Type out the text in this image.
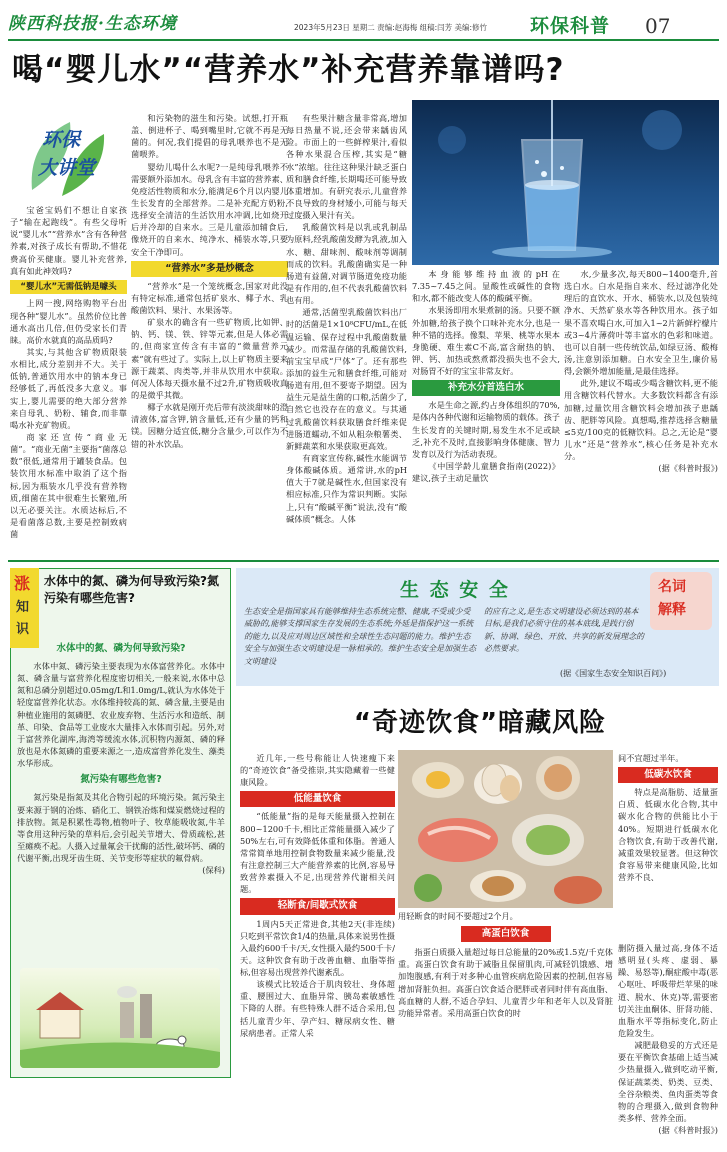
陕西科技报·生态环境	2023年5月23日 星期二 责编:赵海梅 组稿:闫芳 美编:修竹 环保科普 07
喝“婴儿水”“营养水”补充营养靠谱吗?
环保
大讲堂

宝爸宝妈们不想让自家孩子“输在起跑线”。有些父母听说“婴儿水”“营养水”含有各种营养素,对孩子成长有帮助,不惜花费高价买健康。婴儿补充营养,真有如此神效吗?

“婴儿水”无需低钠是噱头

上网一搜,网络购物平台出现各种“婴儿水”。虽然价位比普通水高出几倍,但仍受家长们青睐。高价水就真的高品质吗?

其实,与其他含矿物质限装水相比,成分差别并不大。关于低钠,普通饮用水中的钠本身已经够低了,再低没多大意义。事实上,婴儿需要的绝大部分营养来自母乳、奶粉、辅食,而非靠喝水补充矿物质。

商家还宣传“商业无菌”。“商业无菌”主要指“菌落总数”很低,通常用于罐装食品。包装饮用水标准中取消了这个指标,因为瓶装水几乎没有营养物质,细菌在其中很难生长繁殖,所以无必要关注。水质达标后,不是看菌落总数,主要是控制致病菌

和污染物的滋生和污染。试想,打开瓶盖、倒进杯子、喝到嘴里时,它就不再是无菌的。何况,我们提倡的母乳喂养也不是无菌喂养。

婴幼儿喝什么水呢?一是纯母乳喂养不需要额外添加水。母乳含有丰富的营养素、免疫活性物质和水分,能满足6个月以内婴儿生长发育的全部营养。二是补充配方奶粉,选择安全清洁的生活饮用水冲调,比如烧开后并冷却的自来水。三是儿童添加辅食后,像烧开的自来水、纯净水、桶装水等,只要安全干净即可。

“营养水”多是炒概念

“营养水”是一个笼统概念,国家对此没有特定标准,通常包括矿泉水、椰子水、乳酸菌饮料、果汁、水果汤等。

矿泉水的确含有一些矿物质,比如钾、钠、钙、镁、铁、锌等元素,但是人体必需的,但商家宣传含有丰富的“微量营养元素”就有些过了。实际上,以上矿物质主要来源于蔬菜、肉类等,并非从饮用水中获取。何况人体每天摄水量不过2升,矿物质吸收真的是微乎其微。

椰子水就是刚开壳后带有淡淡甜味的澄清液体,富含钾,钠含量低,还有少量的钙和镁。因糖分适宜低,糖分含量少,可以作为不错的补水饮品。

有些果汁糖含量非常高,增加每日热量不说,还会带来龋齿风险。市面上的一些鲜榨果汁,看似各种水果混合压榨,其实是“糖水”浓缩。往往这种果汁缺乏蛋白质和膳食纤维,长期喝还可能导致体重增加。有研究表示,儿童营养不良导致的身材矮小,可能与每天过度摄入果汁有关。

乳酸菌饮料是以乳或乳制品为原料,经乳酸菌发酵为乳液,加入水、糖、甜味剂、酸味剂等调制而成的饮料。乳酸菌确实是一种肠道有益菌,对调节肠道免疫功能是有作用的,但不代表乳酸菌饮料也有用。

通常,活菌型乳酸菌饮料出厂时的活菌是1×10⁸CFU/mL,在低温运输、保存过程中乳酸菌数量减少。而常温存储的乳酸菌饮料,前宝宝早成“尸体”了。还有那些添加的益生元和膳食纤维,可能对肠道有用,但不要寄予期望。因为益生元是益生菌的口粮,活菌少了,自然它也没存在的意义。与其通过乳酸菌饮料获取膳食纤维来促进肠道蠕动,不如从粗杂粮薯类、新鲜蔬菜和水果获取更高效。

有商家宣传称,碱性水能调节身体酸碱体质。通常讲,水的pH值大于7就是碱性水,但国家没有相应标准,只作为常识判断。实际上,只有“酸碱平衡”说法,没有“酸碱体质”概念。人体

本身能够维持血液的pH在7.35~7.45之间。显酸性或碱性的食物和水,都不能改变人体的酸碱平衡。

水果汤即用水果煮制的汤。只要不额外加糖,给孩子换个口味补充水分,也是一种不错的选择。像梨、苹果、桃等水果本身脆硬、难生素C不高,富含耐热的钠、钾、钙、加热或熬煮都没损失也不会大,对肠胃不好的宝宝非常友好。

补充水分首选白水

水是生命之源,约占身体组织的70%,是体内各种代谢和运输物质的载体。孩子生长发育的关键时期,易发生水不足或缺乏,补充不及时,直接影响身体健康、智力发育以及行为活动表现。

《中国学龄儿童膳食指南(2022)》建议,孩子主动足量饮

水,少量多次,每天800~1400毫升,首选白水。白水是指自来水、经过滤净化处理后的直饮水、开水、桶装水,以及包装纯净水、天然矿泉水等各种饮用水。孩子如果不喜欢喝白水,可加入1~2片新鲜柠檬片或3~4片薄荷叶等丰富水的色彩和味道。也可以自制一些传统饮品,如绿豆汤、酸梅汤,注意别添加糖。白水安全卫生,廉价易得,会额外增加能量,是最佳选择。

此外,建议不喝或少喝含糖饮料,更不能用含糖饮料代替水。大多数饮料都含有添加糖,过量饮用含糖饮料会增加孩子患龋齿、肥胖等风险。真想喝,推荐选择含糖量≤5克/100克的低糖饮料。总之,无论是“婴儿水”还是“营养水”,核心任务是补充水分。

(据《科普时报》)

涨
知
识
水体中的氮、磷为何导致污染?氮污染有哪些危害?
水体中的氮、磷为何导致污染?

水体中氮、磷污染主要表现为水体富营养化。水体中氮、磷含量与富营养化程度密切相关,一般来说,水体中总氮和总磷分别超过0.05mg/L和1.0mg/L,就认为水体处于轻度富营养化状态。水体维持较高的氮、磷含量,主要是由种植业施用的氮磷肥、农业废弃物、生活污水和造纸、制革、印染、食品等工业废水大量排入水体而引起。另外,对于富营养化湖库,海湾等缓流水体,沉积物内源氮、磷的释放也是水体氮磷的重要来源之一,造成富营养化发生、藻类水华形成。

氮污染有哪些危害?

氮污染是指氮及其化合物引起的环境污染。氮污染主要来源于钢的冶炼、硝化工、钢铁冶炼和煤炭燃烧过程的排放物。氮是积累性毒物,植物叶子、牧草能吸收氮,牛羊等食用这种污染的草料后,会引起关节增大、骨质疏松,甚至瘫痪不起。人摄入过量氟会干扰酶的活性,破坏钙、磷的代谢平衡,出现牙齿生斑、关节变形等症状的氟骨病。

(保科)

生 态 安 全	名词
解释
生态安全是指国家具有能够维持生态系统完整、健康,不受或少受威胁的,能够支撑国家生存发展的生态系统;外延是指保护这一系统的能力,以及应对周边区域性和全球性生态问题的能力。维护生态安全与加强生态文明建设是一脉相承的。维护生态安全是加强生态文明建设
的应有之义,是生态文明建设必须达到的基本目标,是我们必须守住的基本底线,是践行创新、协调、绿色、开放、共享的新发展理念的必然要求。
(据《国家生态安全知识百问》)
“奇迹饮食”暗藏风险

近几年,一些号称能让人快速瘦下来的“奇迹饮食”备受推崇,其实隐藏着一些健康风险。

低能量饮食

“低能量”指的是每天能量摄入控制在800~1200千卡,相比正常能量摄入减少了50%左右,可有效降低体重和体脂。普通人常常简单地用控制食物数量来减少能量,没有注意控制三大产能营养素的比例,容易导致营养素摄入不足,出现营养代谢相关问题。

轻断食/间歇式饮食

1周内5天正常进食,其他2天(非连续)只吃到平常饮食1/4的热量,具体来说男性摄入最约600千卡/天,女性摄入最约500千卡/天。这种饮食有助于改善血糖、血脂等指标,但容易出现营养代谢紊乱。

该模式比较适合于肌肉较壮、身体超重、腰围过大、血脂异常、胰岛素敏感性下降的人群。有些特殊人群不适合采用,包括儿童青少年、孕产妇、糖尿病女性、糖尿病患者。正常人采

用轻断食的时间不要超过2个月。

高蛋白饮食

指蛋白质摄入量超过每日总能量的20%或1.5克/千克体重。高蛋白饮食有助于减脂且保留肌肉,可减轻饥饿感、增加饱腹感,有利于对多种心血管疾病危险因素的控制,但容易增加肾脏负担。高蛋白饮食适合肥胖或者同时伴有高血脂、高血糖的人群,不适合孕妇、儿童青少年和老年人以及肾脏功能异常者。采用高蛋白饮食的时

间不宜超过半年。

低碳水饮食

特点是高脂肪、适量蛋白质、低碳水化合物,其中碳水化合物的供能比小于40%。短期进行低碳水化合物饮食,有助于改善代谢,减重效果较显著。但这种饮食容易带来健康风险,比如营养不良、

删防摄入量过高,身体不适感明显(头疼、虚弱、暴躁、易怒等),酮症酸中毒(恶心呕吐、呼吸带烂苹果的味道、脱水、休克)等,需要密切关注血酮体、肝肾功能、血脂水平等指标变化,防止危险发生。

减肥最稳妥的方式还是要在平衡饮食基础上适当减少热量摄入,做到吃动平衡,保证蔬菜类、奶类、豆类、全谷杂粮类、鱼肉蛋类等食物的合理摄入,做到食物种类多样、营养全面。

(据《科普时报》)
